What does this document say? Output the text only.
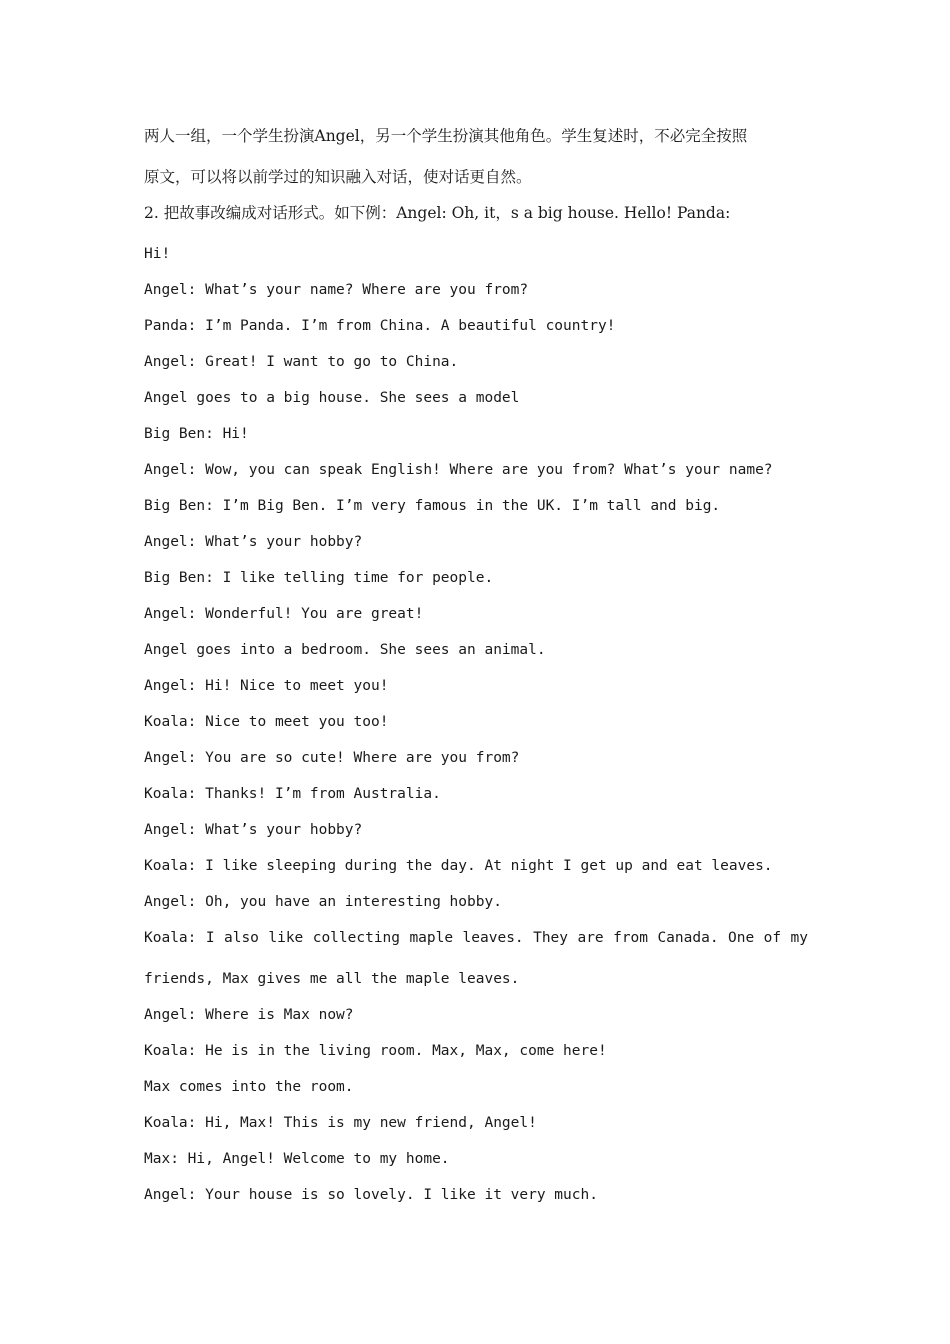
两人一组，一个学生扮演Angel，另一个学生扮演其他角色。学生复述时，不必完全按照
原文，可以将以前学过的知识融入对话，使对话更自然。
2. 把故事改编成对话形式。如下例：Angel: Oh, it，s a big house. Hello! Panda:
Hi!
Angel: What’s your name? Where are you from?
Panda: I’m Panda. I’m from China. A beautiful country!
Angel: Great! I want to go to China.
Angel goes to a big house. She sees a model
Big Ben: Hi!
Angel: Wow, you can speak English! Where are you from? What’s your name?
Big Ben: I’m Big Ben. I’m very famous in the UK. I’m tall and big.
Angel: What’s your hobby?
Big Ben: I like telling time for people.
Angel: Wonderful! You are great!
Angel goes into a bedroom. She sees an animal.
Angel: Hi! Nice to meet you!
Koala: Nice to meet you too!
Angel: You are so cute! Where are you from?
Koala: Thanks! I’m from Australia.
Angel: What’s your hobby?
Koala: I like sleeping during the day. At night I get up and eat leaves.
Angel: Oh, you have an interesting hobby.
Koala: I also like collecting maple leaves. They are from Canada. One of my
friends, Max gives me all the maple leaves.
Angel: Where is Max now?
Koala: He is in the living room. Max, Max, come here!
Max comes into the room.
Koala: Hi, Max! This is my new friend, Angel!
Max: Hi, Angel! Welcome to my home.
Angel: Your house is so lovely. I like it very much.
